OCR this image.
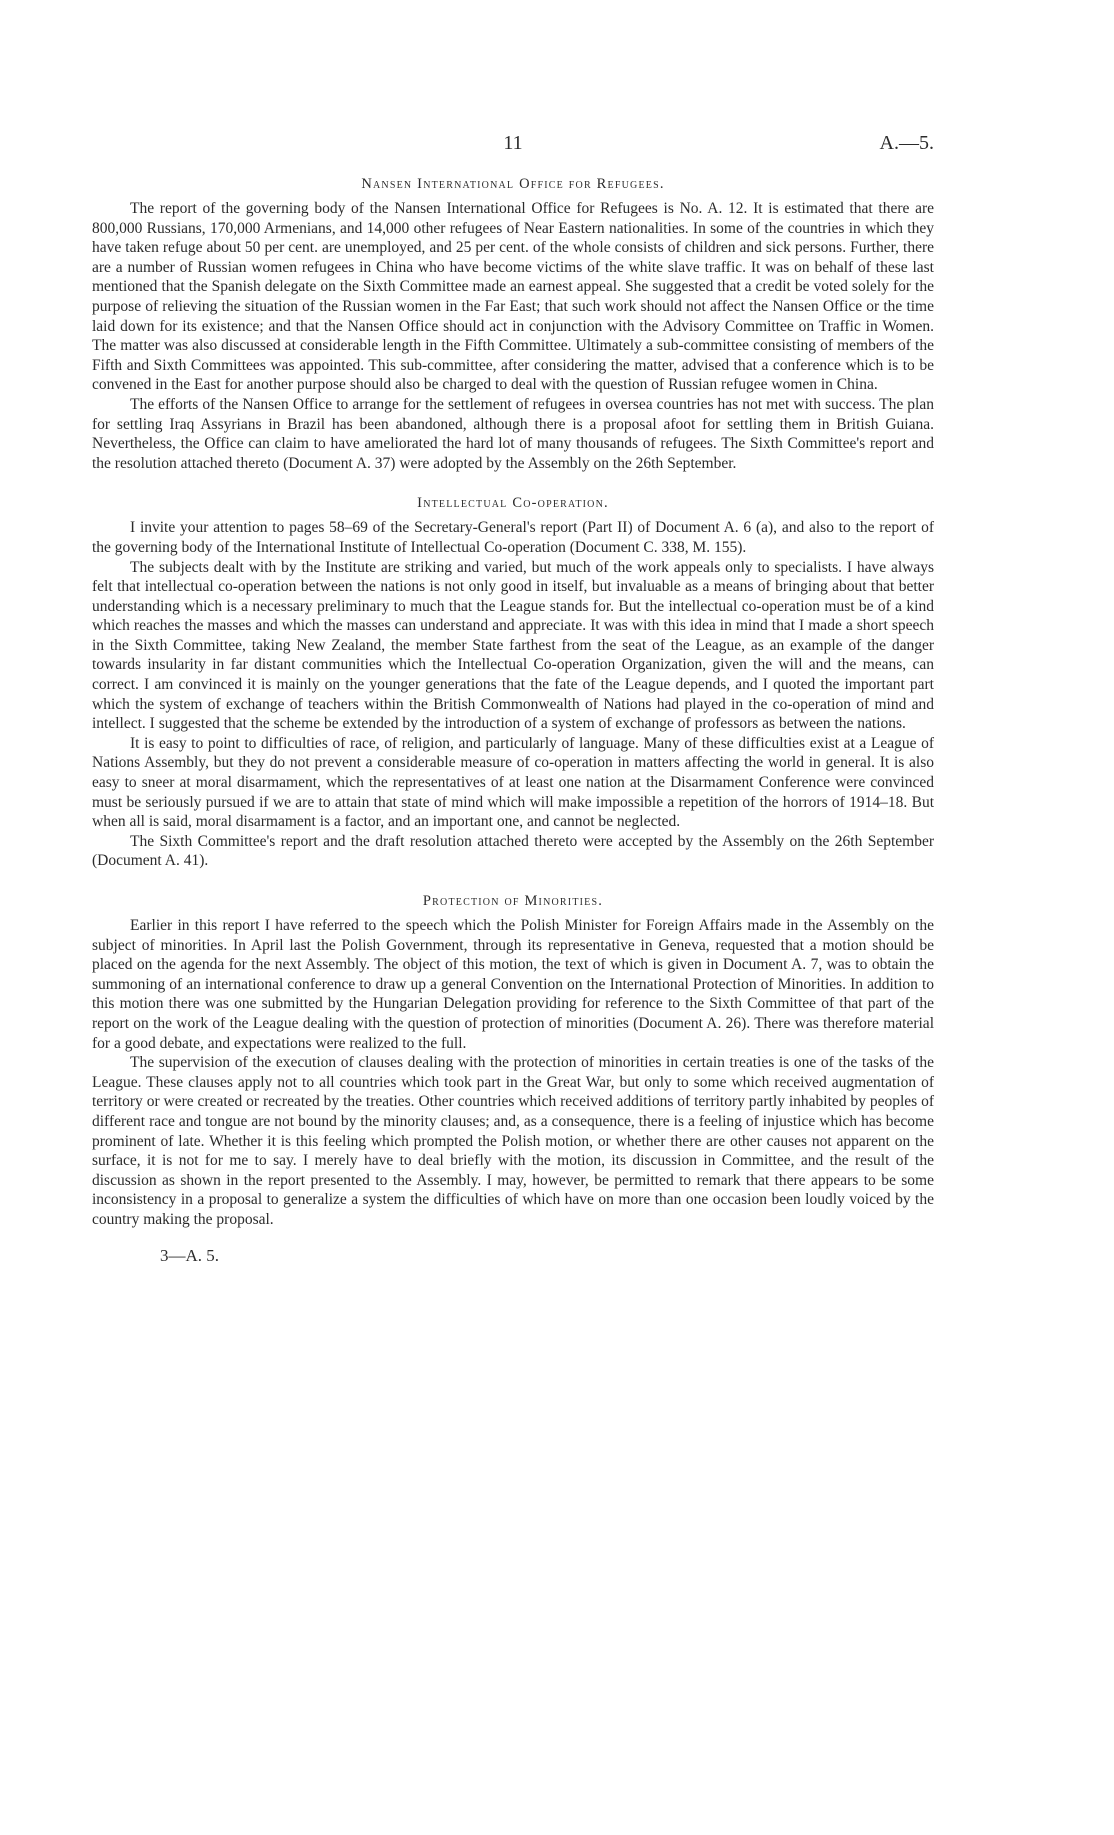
11	A.—5.
Nansen International Office for Refugees.

The report of the governing body of the Nansen International Office for Refugees is No. A. 12. It is estimated that there are 800,000 Russians, 170,000 Armenians, and 14,000 other refugees of Near Eastern nationalities. In some of the countries in which they have taken refuge about 50 per cent. are unemployed, and 25 per cent. of the whole consists of children and sick persons. Further, there are a number of Russian women refugees in China who have become victims of the white slave traffic. It was on behalf of these last mentioned that the Spanish delegate on the Sixth Committee made an earnest appeal. She suggested that a credit be voted solely for the purpose of relieving the situation of the Russian women in the Far East; that such work should not affect the Nansen Office or the time laid down for its existence; and that the Nansen Office should act in conjunction with the Advisory Committee on Traffic in Women. The matter was also discussed at considerable length in the Fifth Committee. Ultimately a sub-committee consisting of members of the Fifth and Sixth Committees was appointed. This sub-committee, after considering the matter, advised that a conference which is to be convened in the East for another purpose should also be charged to deal with the question of Russian refugee women in China.

The efforts of the Nansen Office to arrange for the settlement of refugees in oversea countries has not met with success. The plan for settling Iraq Assyrians in Brazil has been abandoned, although there is a proposal afoot for settling them in British Guiana. Nevertheless, the Office can claim to have ameliorated the hard lot of many thousands of refugees. The Sixth Committee's report and the resolution attached thereto (Document A. 37) were adopted by the Assembly on the 26th September.

Intellectual Co-operation.

I invite your attention to pages 58–69 of the Secretary-General's report (Part II) of Document A. 6 (a), and also to the report of the governing body of the International Institute of Intellectual Co-operation (Document C. 338, M. 155).

The subjects dealt with by the Institute are striking and varied, but much of the work appeals only to specialists. I have always felt that intellectual co-operation between the nations is not only good in itself, but invaluable as a means of bringing about that better understanding which is a necessary preliminary to much that the League stands for. But the intellectual co-operation must be of a kind which reaches the masses and which the masses can understand and appreciate. It was with this idea in mind that I made a short speech in the Sixth Committee, taking New Zealand, the member State farthest from the seat of the League, as an example of the danger towards insularity in far distant communities which the Intellectual Co-operation Organization, given the will and the means, can correct. I am convinced it is mainly on the younger generations that the fate of the League depends, and I quoted the important part which the system of exchange of teachers within the British Commonwealth of Nations had played in the co-operation of mind and intellect. I suggested that the scheme be extended by the introduction of a system of exchange of professors as between the nations.

It is easy to point to difficulties of race, of religion, and particularly of language. Many of these difficulties exist at a League of Nations Assembly, but they do not prevent a considerable measure of co-operation in matters affecting the world in general. It is also easy to sneer at moral disarmament, which the representatives of at least one nation at the Disarmament Conference were convinced must be seriously pursued if we are to attain that state of mind which will make impossible a repetition of the horrors of 1914–18. But when all is said, moral disarmament is a factor, and an important one, and cannot be neglected.

The Sixth Committee's report and the draft resolution attached thereto were accepted by the Assembly on the 26th September (Document A. 41).

Protection of Minorities.

Earlier in this report I have referred to the speech which the Polish Minister for Foreign Affairs made in the Assembly on the subject of minorities. In April last the Polish Government, through its representative in Geneva, requested that a motion should be placed on the agenda for the next Assembly. The object of this motion, the text of which is given in Document A. 7, was to obtain the summoning of an international conference to draw up a general Convention on the International Protection of Minorities. In addition to this motion there was one submitted by the Hungarian Delegation providing for reference to the Sixth Committee of that part of the report on the work of the League dealing with the question of protection of minorities (Document A. 26). There was therefore material for a good debate, and expectations were realized to the full.

The supervision of the execution of clauses dealing with the protection of minorities in certain treaties is one of the tasks of the League. These clauses apply not to all countries which took part in the Great War, but only to some which received augmentation of territory or were created or recreated by the treaties. Other countries which received additions of territory partly inhabited by peoples of different race and tongue are not bound by the minority clauses; and, as a consequence, there is a feeling of injustice which has become prominent of late. Whether it is this feeling which prompted the Polish motion, or whether there are other causes not apparent on the surface, it is not for me to say. I merely have to deal briefly with the motion, its discussion in Committee, and the result of the discussion as shown in the report presented to the Assembly. I may, however, be permitted to remark that there appears to be some inconsistency in a proposal to generalize a system the difficulties of which have on more than one occasion been loudly voiced by the country making the proposal.

3—A. 5.
